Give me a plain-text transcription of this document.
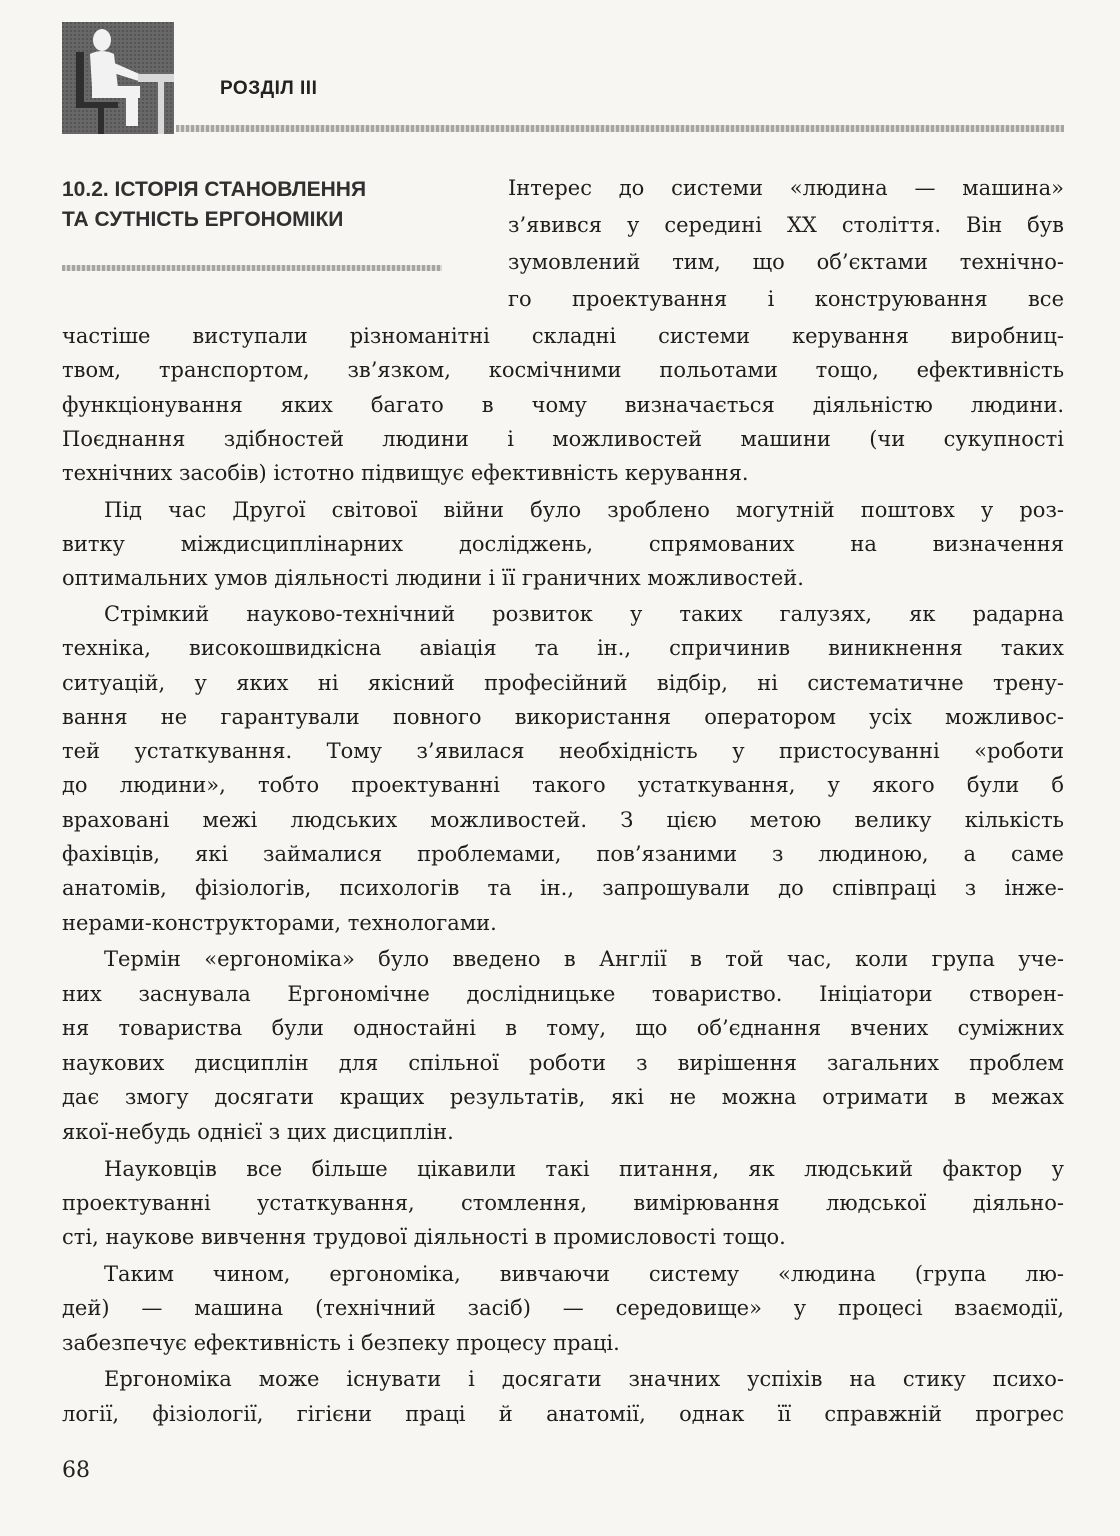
РОЗДІЛ ІІІ
10.2. ІСТОРІЯ СТАНОВЛЕННЯ
ТА СУТНІСТЬ ЕРГОНОМІКИ

Інтерес до системи «людина — машина»

з’явився у середині XX століття. Він був

зумовлений тим, що об’єктами технічно-

го проектування і конструювання все

частіше виступали різноманітні складні системи керування виробниц-

твом, транспортом, зв’язком, космічними польотами тощо, ефективність

функціонування яких багато в чому визначається діяльністю людини.

Поєднання здібностей людини і можливостей машини (чи сукупності

технічних засобів) істотно підвищує ефективність керування.

Під час Другої світової війни було зроблено могутній поштовх у роз-

витку міждисциплінарних досліджень, спрямованих на визначення

оптимальних умов діяльності людини і її граничних можливостей.

Стрімкий науково-технічний розвиток у таких галузях, як радарна

техніка, високошвидкісна авіація та ін., спричинив виникнення таких

ситуацій, у яких ні якісний професійний відбір, ні систематичне трену-

вання не гарантували повного використання оператором усіх можливос-

тей устаткування. Тому з’явилася необхідність у пристосуванні «роботи

до людини», тобто проектуванні такого устаткування, у якого були б

враховані межі людських можливостей. З цією метою велику кількість

фахівців, які займалися проблемами, пов’язаними з людиною, а саме

анатомів, фізіологів, психологів та ін., запрошували до співпраці з інже-

нерами-конструкторами, технологами.

Термін «ергономіка» було введено в Англії в той час, коли група уче-

них заснувала Ергономічне дослідницьке товариство. Ініціатори створен-

ня товариства були одностайні в тому, що об’єднання вчених суміжних

наукових дисциплін для спільної роботи з вирішення загальних проблем

дає змогу досягати кращих результатів, які не можна отримати в межах

якої-небудь однієї з цих дисциплін.

Науковців все більше цікавили такі питання, як людський фактор у

проектуванні устаткування, стомлення, вимірювання людської діяльно-

сті, наукове вивчення трудової діяльності в промисловості тощо.

Таким чином, ергономіка, вивчаючи систему «людина (група лю-

дей) — машина (технічний засіб) — середовище» у процесі взаємодії,

забезпечує ефективність і безпеку процесу праці.

Ергономіка може існувати і досягати значних успіхів на стику психо-

логії, фізіології, гігієни праці й анатомії, однак її справжній прогрес

68
